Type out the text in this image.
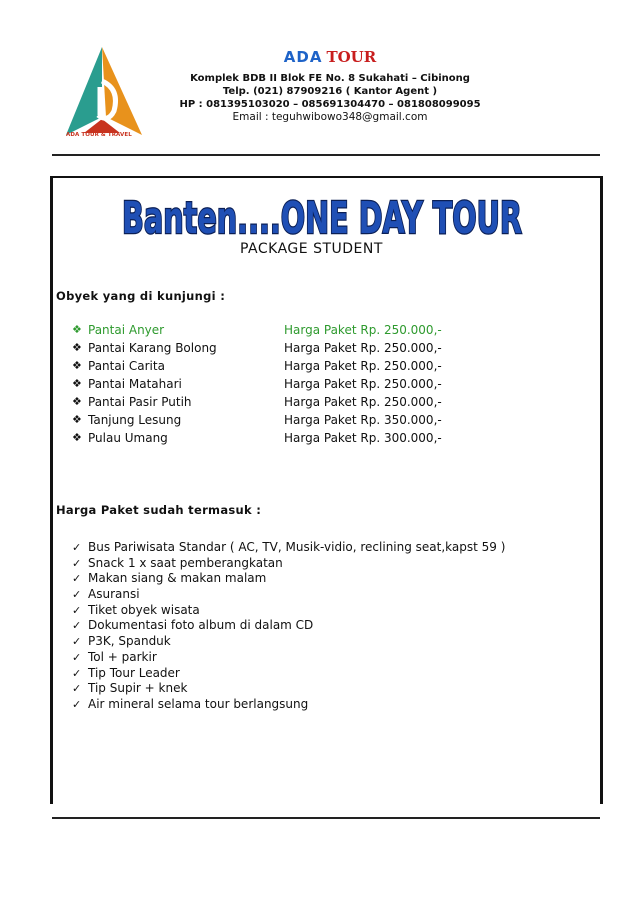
ADA TOUR & TRAVEL
ADA TOUR
Komplek BDB II Blok FE No. 8 Sukahati – Cibinong
Telp. (021) 87909216 ( Kantor Agent )
HP : 081395103020 – 085691304470 – 081808099095
Email : teguhwibowo348@gmail.com
Banten....ONE DAY TOUR
PACKAGE STUDENT
Obyek yang di kunjungi :
❖ Pantai Anyer	Harga Paket Rp. 250.000,-
❖ Pantai Karang Bolong	Harga Paket Rp. 250.000,-
❖ Pantai Carita	Harga Paket Rp. 250.000,-
❖ Pantai Matahari	Harga Paket Rp. 250.000,-
❖ Pantai Pasir Putih	Harga Paket Rp. 250.000,-
❖ Tanjung Lesung	Harga Paket Rp. 350.000,-
❖ Pulau Umang	Harga Paket Rp. 300.000,-
Harga Paket sudah termasuk :
✓ Bus Pariwisata Standar ( AC, TV, Musik-vidio, reclining seat,kapst 59 )
✓ Snack 1 x saat pemberangkatan
✓ Makan siang & makan malam
✓ Asuransi
✓ Tiket obyek wisata
✓ Dokumentasi foto album di dalam CD
✓ P3K, Spanduk
✓ Tol + parkir
✓ Tip Tour Leader
✓ Tip Supir + knek
✓ Air mineral selama tour berlangsung
